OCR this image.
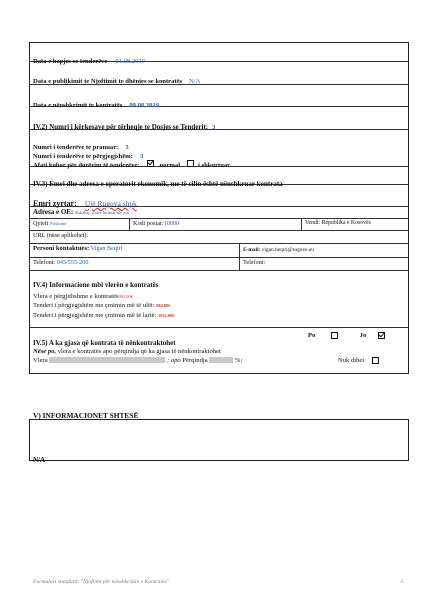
Data e hapjes se tenderëve 01.08.2019
Data e publikimit te Njoftimit te dhënies se kontratës N/A
Data e nënshkrimit te kontratës 09.08.2019
IV.2) Numri i kërkesave për tërheqje te Dosjes se Tenderit: 3
Numri i tenderëve te pranuar: 3
Numri i tenderëve te përgjegjshëm: 3
Afati kohor për dorëzim të tenderëve:	normal	i shkurtuar
IV.3) Emri dhe adresa e operatorit ekonomik, me të cilin është nënshkruar kontrata
Emri zyrtar: Ujë Rugova shpk
Adresa e OE: Shkabaj, Zona Industriale p.n
Qyteti Prishtinë	Kodi postar:10000	Vendi: Republika e Kosovës
URL (nëse aplikohet):
Personi kontaktues: Vigan Beqiri	E-mail: vigan.beqiri@rugove.eu
Telefoni: 045/555-200	Telefoni:
IV.4) Informacione mbi vlerën e kontratës
Vlera e përgjithshme e kontratës984.00€
Tenderi i përgjegjshëm me çmimin më të ulët: 984.00€
Tenderi i përgjegjshëm me çmimin më të lartë: 1032.00€
IV.5) A ka gjasa që kontrata të nënkontraktohet
Po	Jo
Nëse po, vlera e kontratës apo përqindja që ka gjasa të nënkontraktohet
Vlera	; apo Përqindja	%;	Nuk dihet
V) INFORMACIONET SHTESË
N/A
Formulari standard: "Njoftimi për nënshkrimin e Kontratës"	3
